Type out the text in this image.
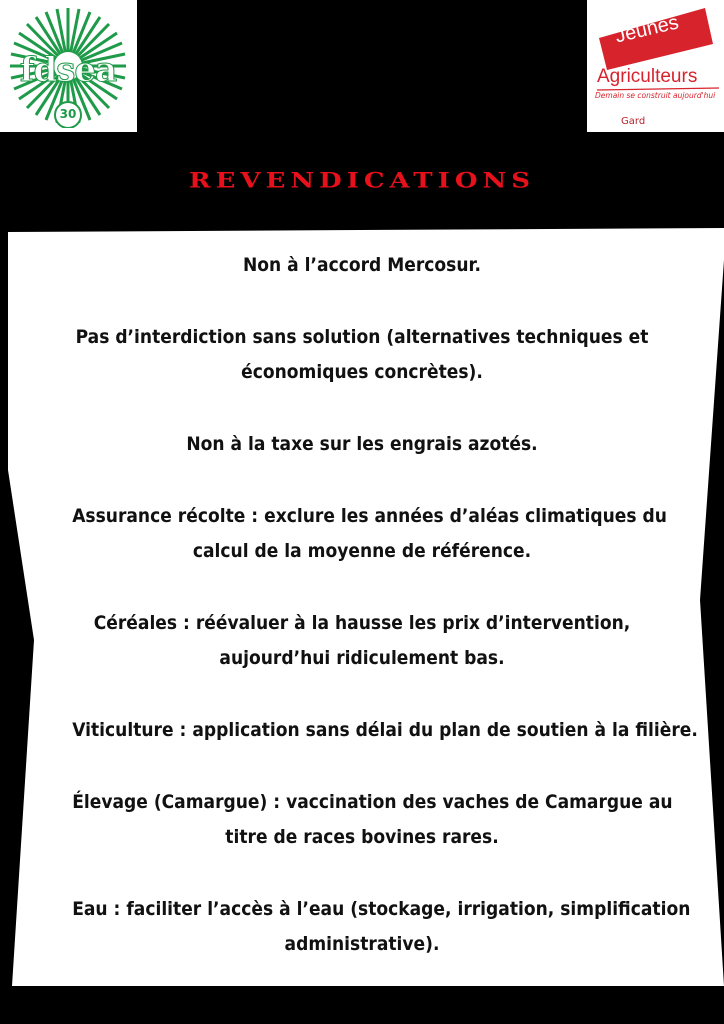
fdsea
30
Jeunes
Agriculteurs
Demain se construit aujourd'hui
Gard
REVENDICATIONS

Non à l’accord Mercosur.

Pas d’interdiction sans solution (alternatives techniques et
économiques concrètes).

Non à la taxe sur les engrais azotés.

Assurance récolte : exclure les années d’aléas climatiques du
calcul de la moyenne de référence.

Céréales : réévaluer à la hausse les prix d’intervention,
aujourd’hui ridiculement bas.

Viticulture : application sans délai du plan de soutien à la filière.

Élevage (Camargue) : vaccination des vaches de Camargue au
titre de races bovines rares.

Eau : faciliter l’accès à l’eau (stockage, irrigation, simplification
administrative).
